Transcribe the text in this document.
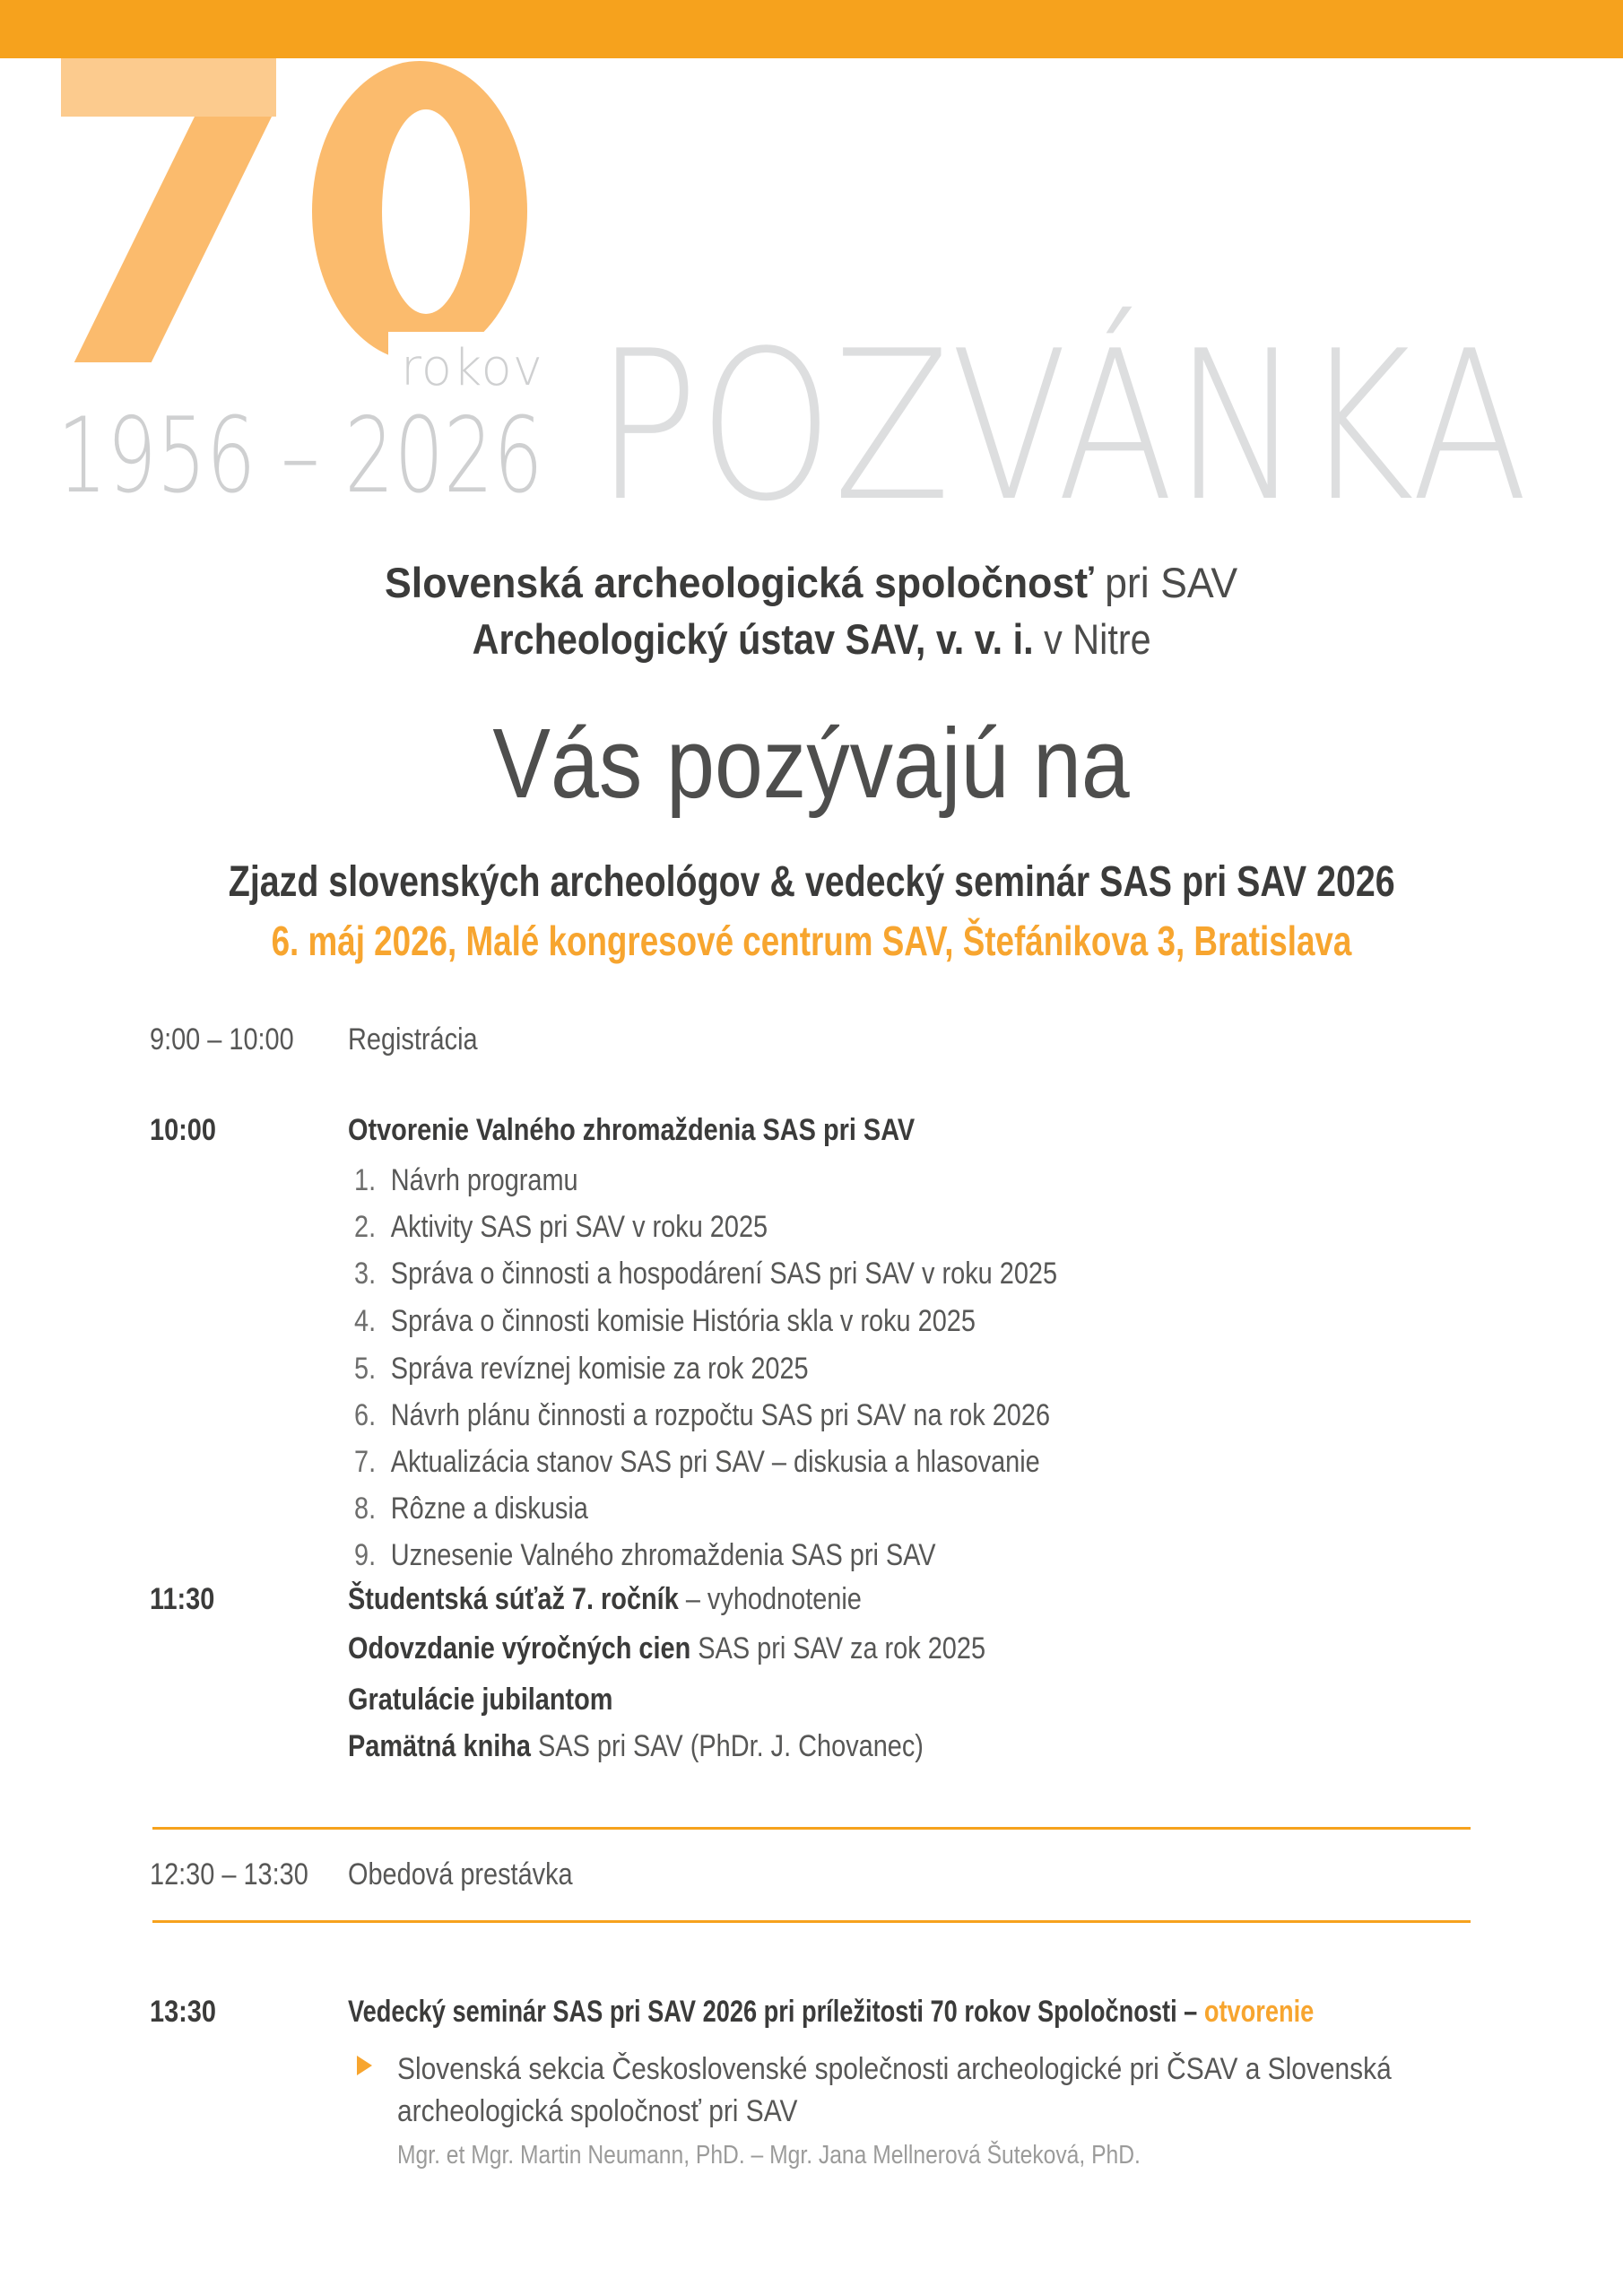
rokov
1956 – 2026 POZVÁNKA
Slovenská archeologická spoločnosť pri SAV
Archeologický ústav SAV, v. v. i. v Nitre
Vás pozývajú na
Zjazd slovenských archeológov & vedecký seminár SAS pri SAV 2026
6. máj 2026, Malé kongresové centrum SAV, Štefánikova 3, Bratislava
9:00 – 10:00 Registrácia
10:00	Otvorenie Valného zhromaždenia SAS pri SAV
1. Návrh programu
2. Aktivity SAS pri SAV v roku 2025
3. Správa o činnosti a hospodárení SAS pri SAV v roku 2025
4. Správa o činnosti komisie História skla v roku 2025
5. Správa revíznej komisie za rok 2025
6. Návrh plánu činnosti a rozpočtu SAS pri SAV na rok 2026
7. Aktualizácia stanov SAS pri SAV – diskusia a hlasovanie
8. Rôzne a diskusia
9. Uznesenie Valného zhromaždenia SAS pri SAV
11:30	Študentská súťaž 7. ročník – vyhodnotenie
Odovzdanie výročných cien SAS pri SAV za rok 2025
Gratulácie jubilantom
Pamätná kniha SAS pri SAV (PhDr. J. Chovanec)
12:30 – 13:30 Obedová prestávka
13:30	Vedecký seminár SAS pri SAV 2026 pri príležitosti 70 rokov Spoločnosti – otvorenie
Slovenská sekcia Československé společnosti archeologické pri ČSAV a Slovenská
archeologická spoločnosť pri SAV
Mgr. et Mgr. Martin Neumann, PhD. – Mgr. Jana Mellnerová Šuteková, PhD.
